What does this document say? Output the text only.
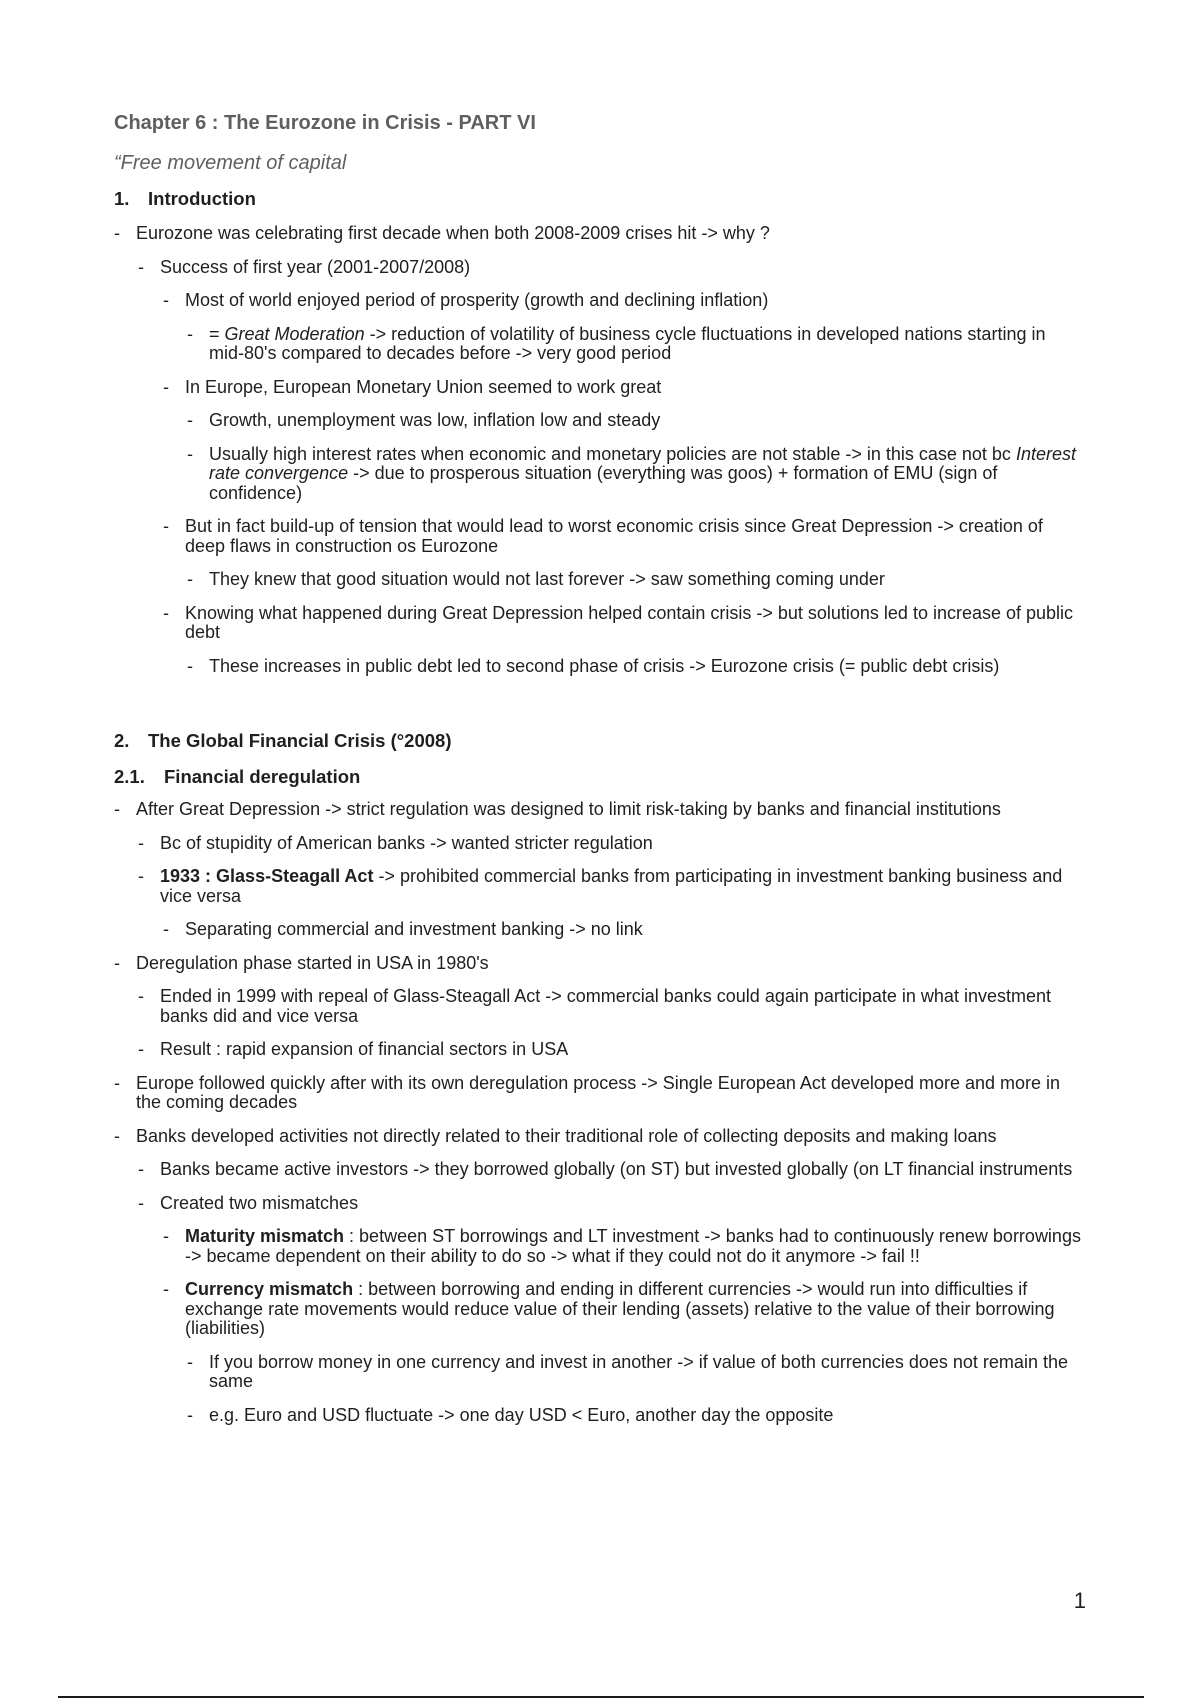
Chapter 6 : The Eurozone in Crisis - PART VI
“Free movement of capital
1. Introduction
- Eurozone was celebrating first decade when both 2008-2009 crises hit -> why ?
- Success of first year (2001-2007/2008)
- Most of world enjoyed period of prosperity (growth and declining inflation)
- = Great Moderation -> reduction of volatility of business cycle fluctuations in developed nations starting in mid-80's compared to decades before -> very good period
- In Europe, European Monetary Union seemed to work great
- Growth, unemployment was low, inflation low and steady
- Usually high interest rates when economic and monetary policies are not stable -> in this case not bc Interest rate convergence -> due to prosperous situation (everything was goos) + formation of EMU (sign of confidence)
- But in fact build-up of tension that would lead to worst economic crisis since Great Depression -> creation of deep flaws in construction os Eurozone
- They knew that good situation would not last forever -> saw something coming under
- Knowing what happened during Great Depression helped contain crisis -> but solutions led to increase of public debt
- These increases in public debt led to second phase of crisis -> Eurozone crisis (= public debt crisis)
2. The Global Financial Crisis (°2008)
2.1. Financial deregulation
- After Great Depression -> strict regulation was designed to limit risk-taking by banks and financial institutions
- Bc of stupidity of American banks -> wanted stricter regulation
- 1933 : Glass-Steagall Act -> prohibited commercial banks from participating in investment banking business and vice versa
- Separating commercial and investment banking -> no link
- Deregulation phase started in USA in 1980's
- Ended in 1999 with repeal of Glass-Steagall Act -> commercial banks could again participate in what investment banks did and vice versa
- Result : rapid expansion of financial sectors in USA
- Europe followed quickly after with its own deregulation process -> Single European Act developed more and more in the coming decades
- Banks developed activities not directly related to their traditional role of collecting deposits and making loans
- Banks became active investors -> they borrowed globally (on ST) but invested globally (on LT financial instruments
- Created two mismatches
- Maturity mismatch : between ST borrowings and LT investment -> banks had to continuously renew borrowings -> became dependent on their ability to do so -> what if they could not do it anymore -> fail !!
- Currency mismatch : between borrowing and ending in different currencies -> would run into difficulties if exchange rate movements would reduce value of their lending (assets) relative to the value of their borrowing (liabilities)
- If you borrow money in one currency and invest in another -> if value of both currencies does not remain the same
- e.g. Euro and USD fluctuate -> one day USD < Euro, another day the opposite
1
